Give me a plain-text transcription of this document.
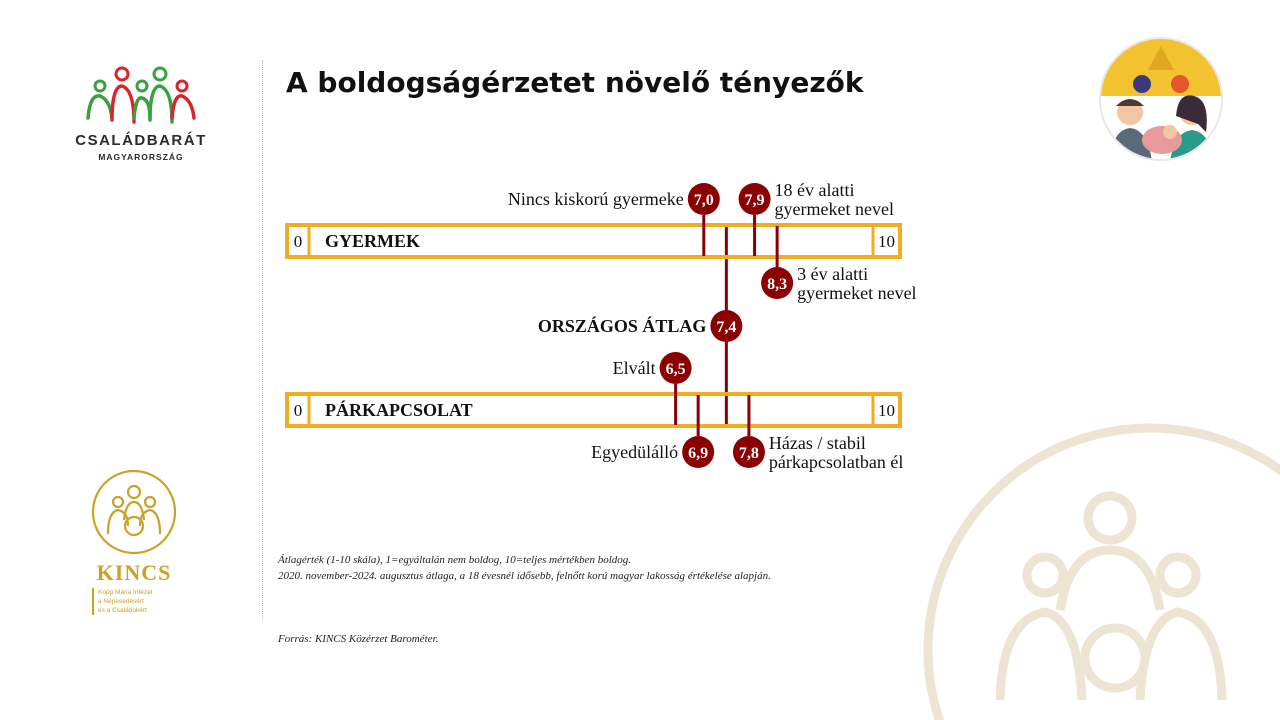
CSALÁDBARÁT
MAGYARORSZÁG
A boldogságérzetet növelő tényezők
KINCS
Kopp Mária Intézet
a Népesedésért
és a Családokért
0	10
GYERMEK
7,0
Nincs kiskorú gyermeke	7,9
18 év alatti gyermeket nevel
8,3
3 év alatti gyermeket nevel
0	10
PÁRKAPCSOLAT
6,5
Elvált
6,9
Egyedülálló	7,8
Házas / stabil párkapcsolatban él
7,4
ORSZÁGOS ÁTLAG
Átlagérték (1-10 skála), 1=egyáltalán nem boldog, 10=teljes mértékben boldog.
2020. november-2024. augusztus átlaga, a 18 évesnél idősebb, felnőtt korú magyar lakosság értékelése alapján.
Forrás: KINCS Közérzet Barométer.
